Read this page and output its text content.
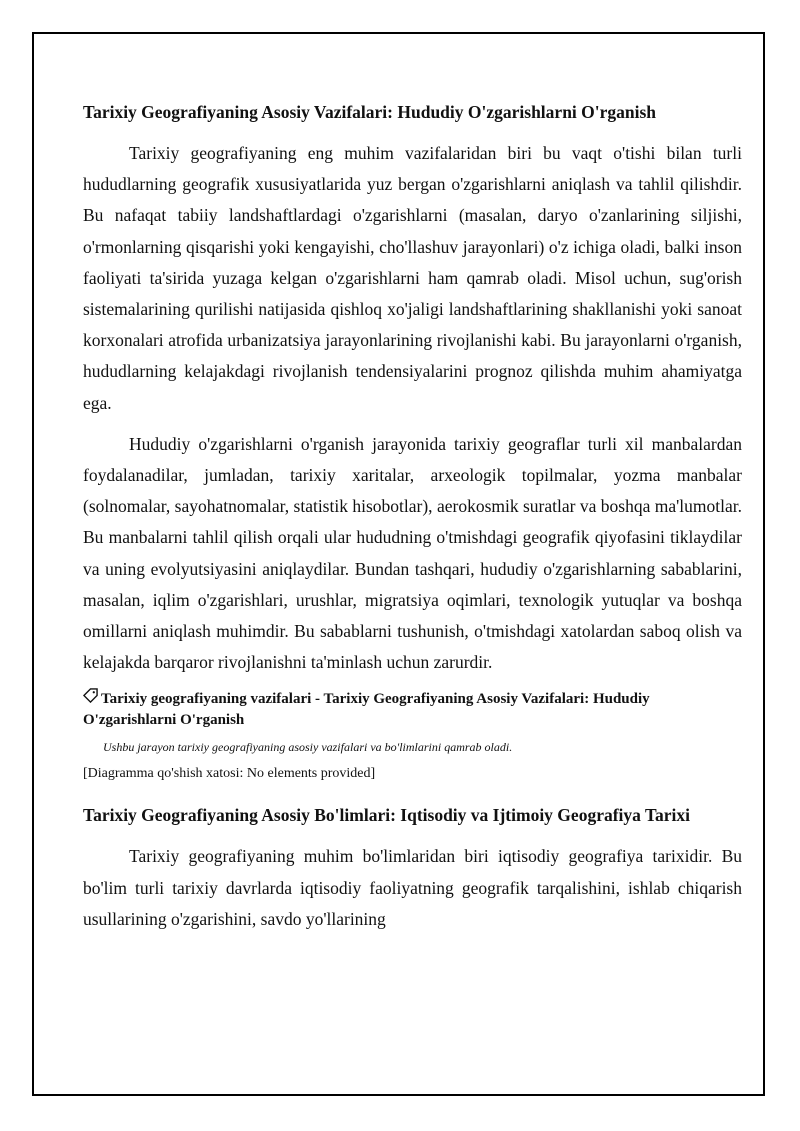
Tarixiy Geografiyaning Asosiy Vazifalari: Hududiy O'zgarishlarni O'rganish

Tarixiy geografiyaning eng muhim vazifalaridan biri bu vaqt o'tishi bilan turli hududlarning geografik xususiyatlarida yuz bergan o'zgarishlarni aniqlash va tahlil qilishdir. Bu nafaqat tabiiy landshaftlardagi o'zgarishlarni (masalan, daryo o'zanlarining siljishi, o'rmonlarning qisqarishi yoki kengayishi, cho'llashuv jarayonlari) o'z ichiga oladi, balki inson faoliyati ta'sirida yuzaga kelgan o'zgarishlarni ham qamrab oladi. Misol uchun, sug'orish sistemalarining qurilishi natijasida qishloq xo'jaligi landshaftlarining shakllanishi yoki sanoat korxonalari atrofida urbanizatsiya jarayonlarining rivojlanishi kabi. Bu jarayonlarni o'rganish, hududlarning kelajakdagi rivojlanish tendensiyalarini prognoz qilishda muhim ahamiyatga ega.

Hududiy o'zgarishlarni o'rganish jarayonida tarixiy geograflar turli xil manbalardan foydalanadilar, jumladan, tarixiy xaritalar, arxeologik topilmalar, yozma manbalar (solnomalar, sayohatnomalar, statistik hisobotlar), aerokosmik suratlar va boshqa ma'lumotlar. Bu manbalarni tahlil qilish orqali ular hududning o'tmishdagi geografik qiyofasini tiklaydilar va uning evolyutsiyasini aniqlaydilar. Bundan tashqari, hududiy o'zgarishlarning sabablarini, masalan, iqlim o'zgarishlari, urushlar, migratsiya oqimlari, texnologik yutuqlar va boshqa omillarni aniqlash muhimdir. Bu sabablarni tushunish, o'tmishdagi xatolardan saboq olish va kelajakda barqaror rivojlanishni ta'minlash uchun zarurdir.

Tarixiy geografiyaning vazifalari - Tarixiy Geografiyaning Asosiy Vazifalari: Hududiy O'zgarishlarni O'rganish
Ushbu jarayon tarixiy geografiyaning asosiy vazifalari va bo'limlarini qamrab oladi.
[Diagramma qo'shish xatosi: No elements provided]
Tarixiy Geografiyaning Asosiy Bo'limlari: Iqtisodiy va Ijtimoiy Geografiya Tarixi

Tarixiy geografiyaning muhim bo'limlaridan biri iqtisodiy geografiya tarixidir. Bu bo'lim turli tarixiy davrlarda iqtisodiy faoliyatning geografik tarqalishini, ishlab chiqarish usullarining o'zgarishini, savdo yo'llarining
